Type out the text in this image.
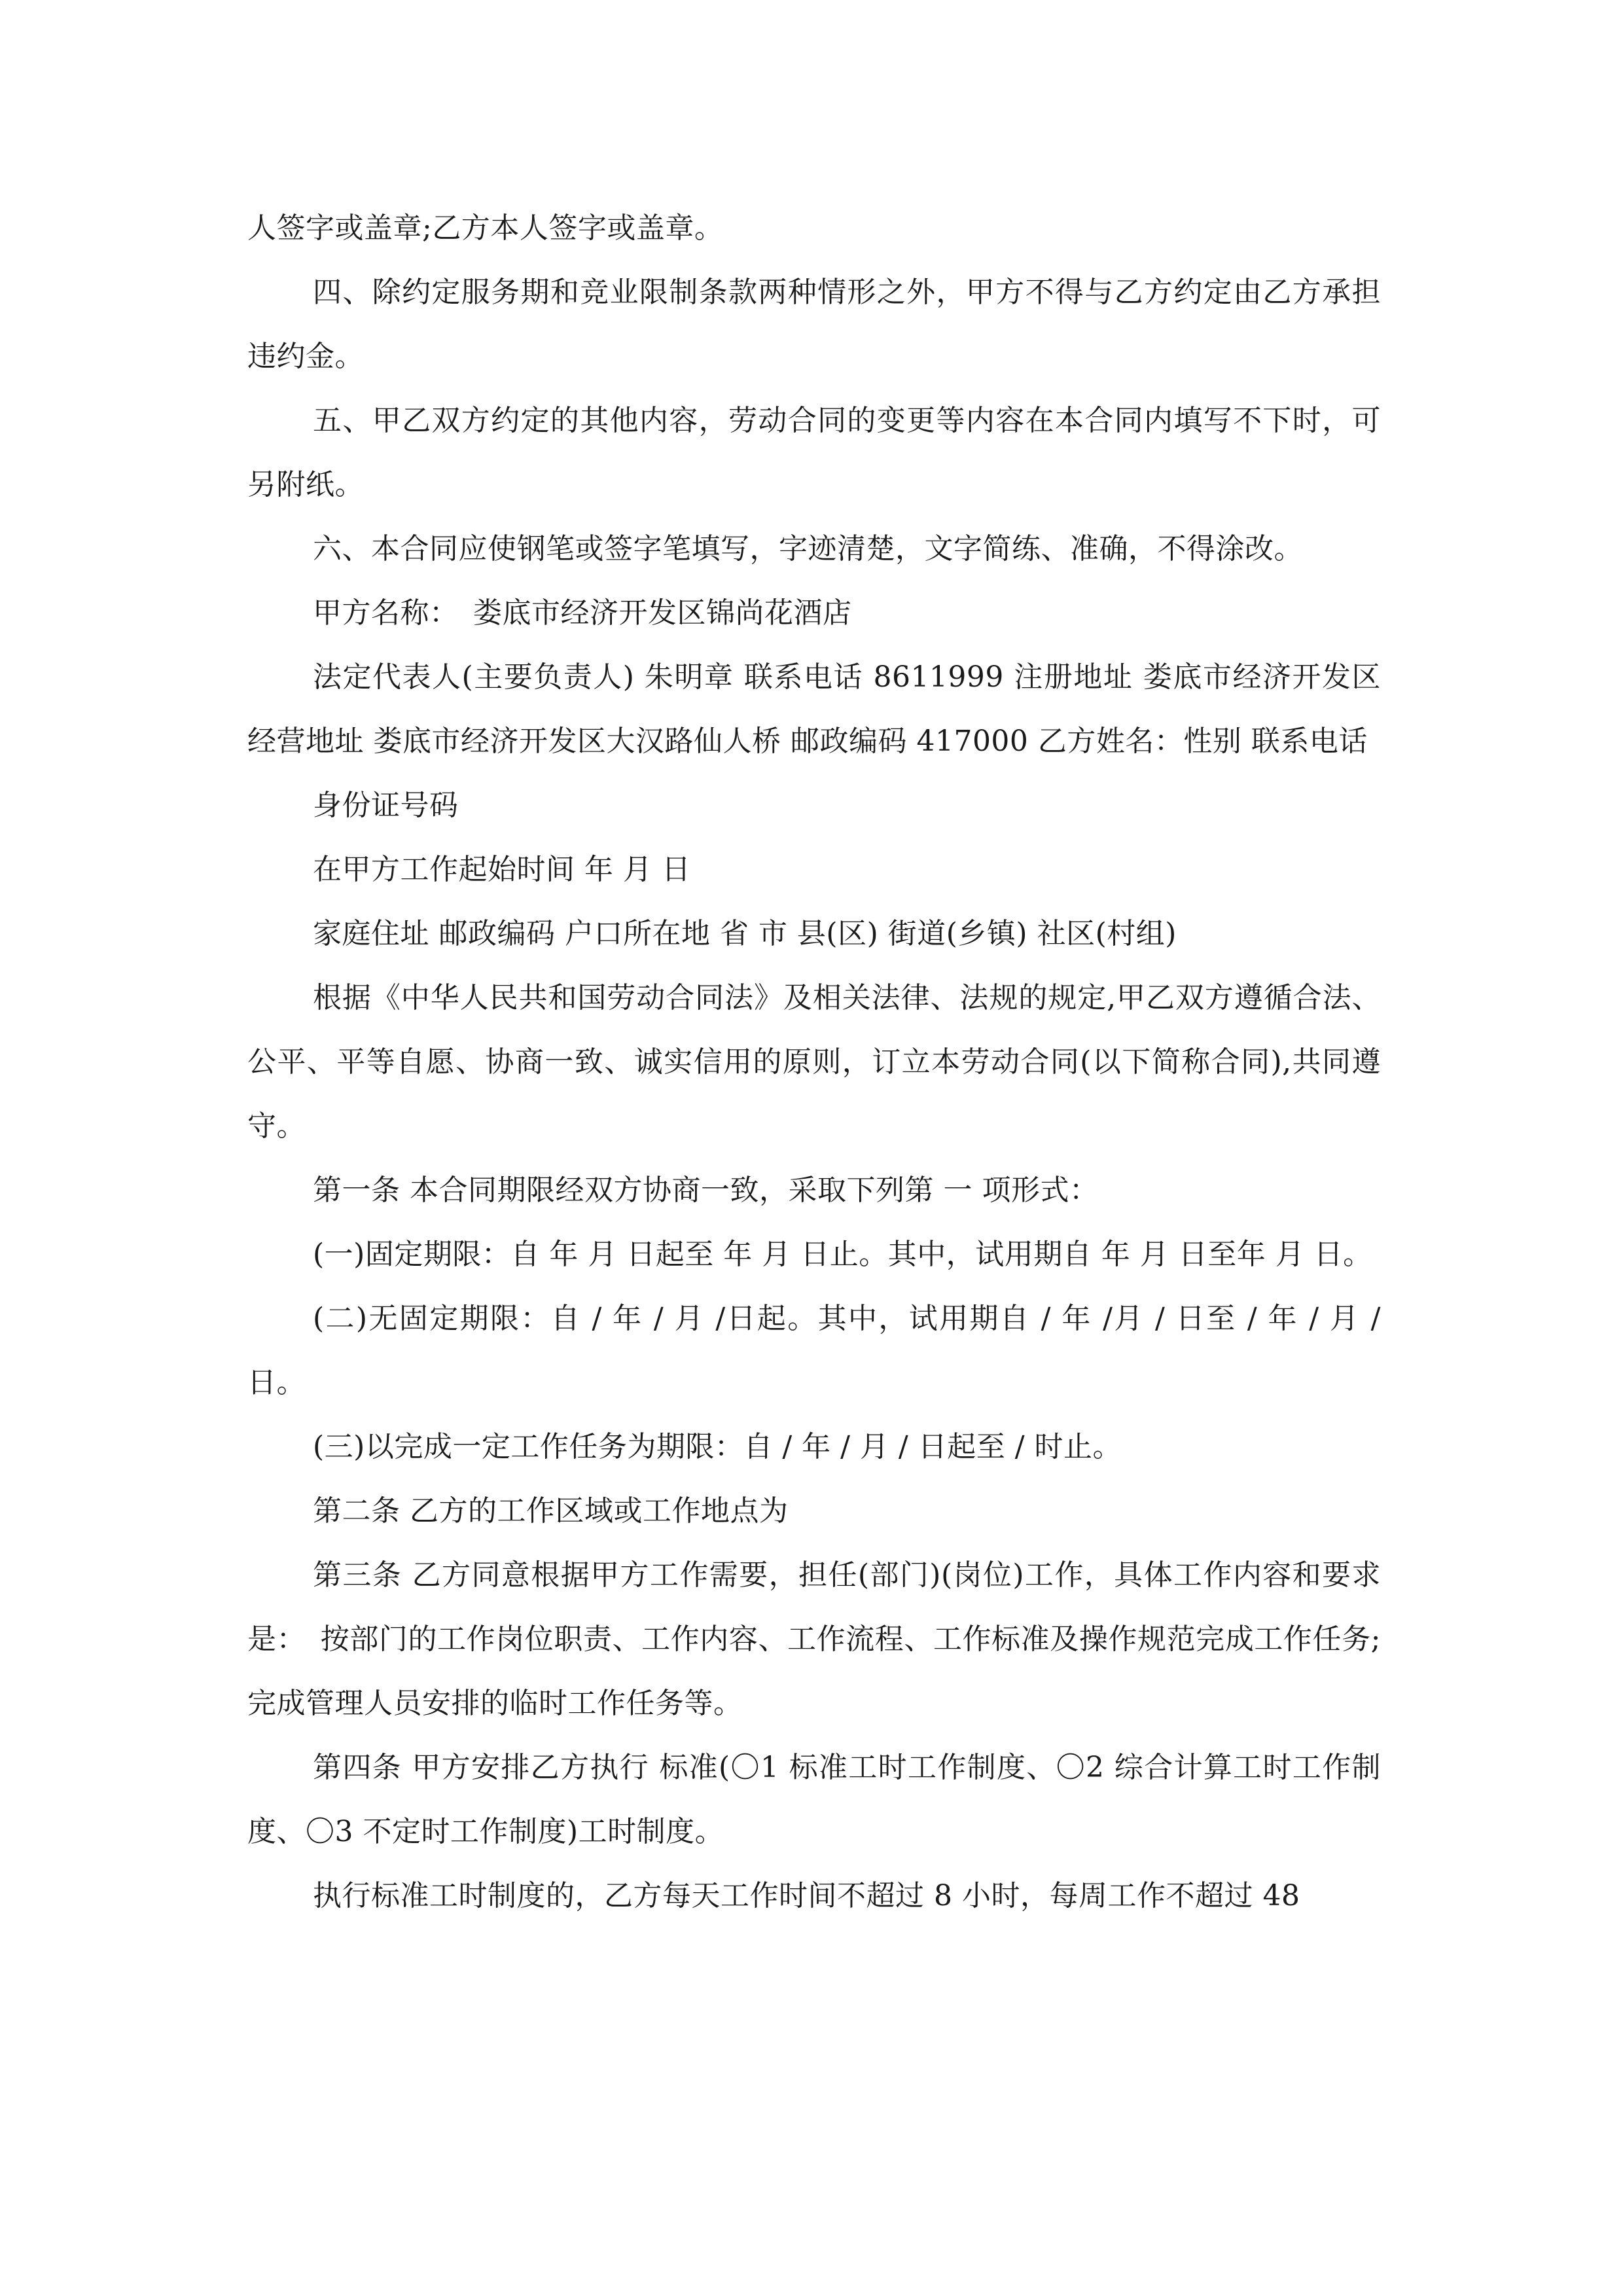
人签字或盖章;乙方本人签字或盖章。

四、除约定服务期和竞业限制条款两种情形之外，甲方不得与乙方约定由乙方承担违约金。

五、甲乙双方约定的其他内容，劳动合同的变更等内容在本合同内填写不下时，可另附纸。

六、本合同应使钢笔或签字笔填写，字迹清楚，文字简练、准确，不得涂改。

甲方名称：　娄底市经济开发区锦尚花酒店

法定代表人(主要负责人) 朱明章 联系电话 8611999 注册地址 娄底市经济开发区 经营地址 娄底市经济开发区大汉路仙人桥 邮政编码 417000 乙方姓名：性别 联系电话

身份证号码

在甲方工作起始时间 年 月 日

家庭住址 邮政编码 户口所在地 省 市 县(区) 街道(乡镇) 社区(村组)

根据《中华人民共和国劳动合同法》及相关法律、法规的规定,甲乙双方遵循合法、公平、平等自愿、协商一致、诚实信用的原则，订立本劳动合同(以下简称合同),共同遵守。

第一条 本合同期限经双方协商一致，采取下列第 一 项形式：

(一)固定期限：自 年 月 日起至 年 月 日止。其中，试用期自 年 月 日至年 月 日。

(二)无固定期限：自 / 年 / 月 /日起。其中，试用期自 / 年 /月 / 日至 / 年 / 月 / 日。

(三)以完成一定工作任务为期限：自 / 年 / 月 / 日起至 / 时止。

第二条 乙方的工作区域或工作地点为

第三条 乙方同意根据甲方工作需要，担任(部门)(岗位)工作，具体工作内容和要求是：　按部门的工作岗位职责、工作内容、工作流程、工作标准及操作规范完成工作任务;完成管理人员安排的临时工作任务等。

第四条 甲方安排乙方执行 标准(〇1 标准工时工作制度、〇2 综合计算工时工作制度、〇3 不定时工作制度)工时制度。

执行标准工时制度的，乙方每天工作时间不超过 8 小时，每周工作不超过 48
